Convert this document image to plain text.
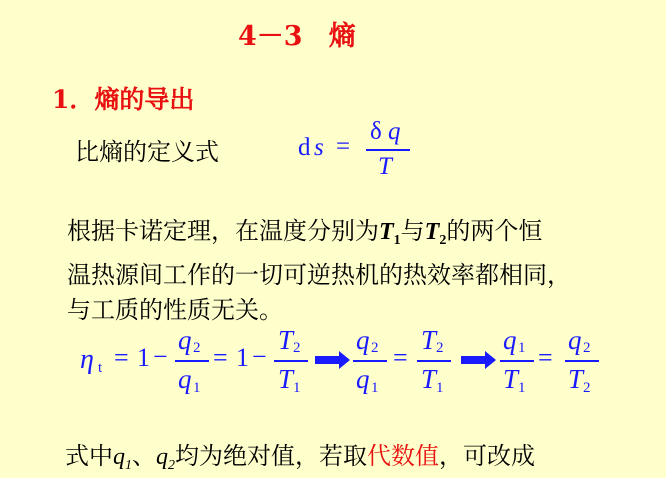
4－3 熵
1．熵的导出
比熵的定义式	d s =
δ q
T
根据卡诺定理，在温度分别为$T_1$与$T_2$的两个恒
温热源间工作的一切可逆热机的热效率都相同，
与工质的性质无关。
η t = 1 −
q 2
q 1
= 1 −
T 2
T 1
q 2
q 1
=
T 2
T 1
q 1
T 1
=
q 2
T 2
式中$q_1$、$q_2$均为绝对值，若取代数值，可改成
